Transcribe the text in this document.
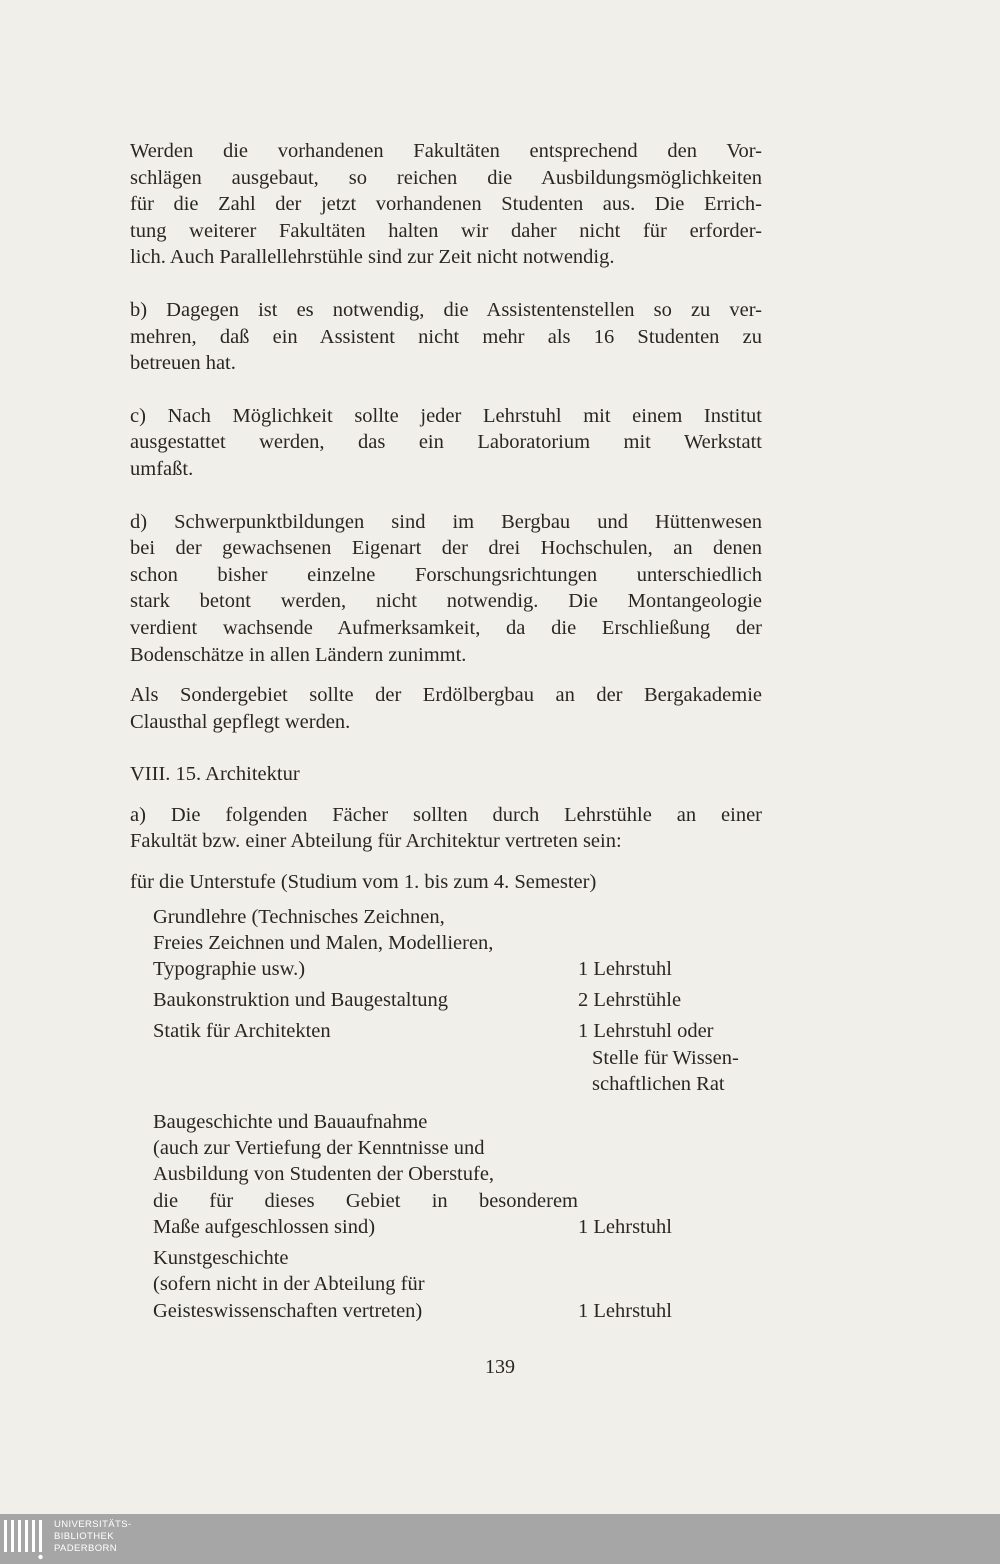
Werden die vorhandenen Fakultäten entsprechend den Vor-
schlägen ausgebaut, so reichen die Ausbildungsmöglichkeiten
für die Zahl der jetzt vorhandenen Studenten aus. Die Errich-
tung weiterer Fakultäten halten wir daher nicht für erforder-
lich. Auch Parallellehrstühle sind zur Zeit nicht notwendig.

b) Dagegen ist es notwendig, die Assistentenstellen so zu ver-
mehren, daß ein Assistent nicht mehr als 16 Studenten zu
betreuen hat.

c) Nach Möglichkeit sollte jeder Lehrstuhl mit einem Institut
ausgestattet werden, das ein Laboratorium mit Werkstatt
umfaßt.

d) Schwerpunktbildungen sind im Bergbau und Hüttenwesen
bei der gewachsenen Eigenart der drei Hochschulen, an denen
schon bisher einzelne Forschungsrichtungen unterschiedlich
stark betont werden, nicht notwendig. Die Montangeologie
verdient wachsende Aufmerksamkeit, da die Erschließung der
Bodenschätze in allen Ländern zunimmt.

Als Sondergebiet sollte der Erdölbergbau an der Bergakademie
Clausthal gepflegt werden.

VIII. 15. Architektur

a) Die folgenden Fächer sollten durch Lehrstühle an einer
Fakultät bzw. einer Abteilung für Architektur vertreten sein:

für die Unterstufe (Studium vom 1. bis zum 4. Semester)

Grundlehre (Technisches Zeichnen,
Freies Zeichnen und Malen, Modellieren,
Typographie usw.)	1 Lehrstuhl
Baukonstruktion und Baugestaltung	2 Lehrstühle
Statik für Architekten	1 Lehrstuhl oder
Stelle für Wissen-
schaftlichen Rat
Baugeschichte und Bauaufnahme
(auch zur Vertiefung der Kenntnisse und
Ausbildung von Studenten der Oberstufe,
die für dieses Gebiet in besonderem
Maße aufgeschlossen sind)	1 Lehrstuhl
Kunstgeschichte
(sofern nicht in der Abteilung für
Geisteswissenschaften vertreten)	1 Lehrstuhl
139
UNIVERSITÄTS-
BIBLIOTHEK
PADERBORN
